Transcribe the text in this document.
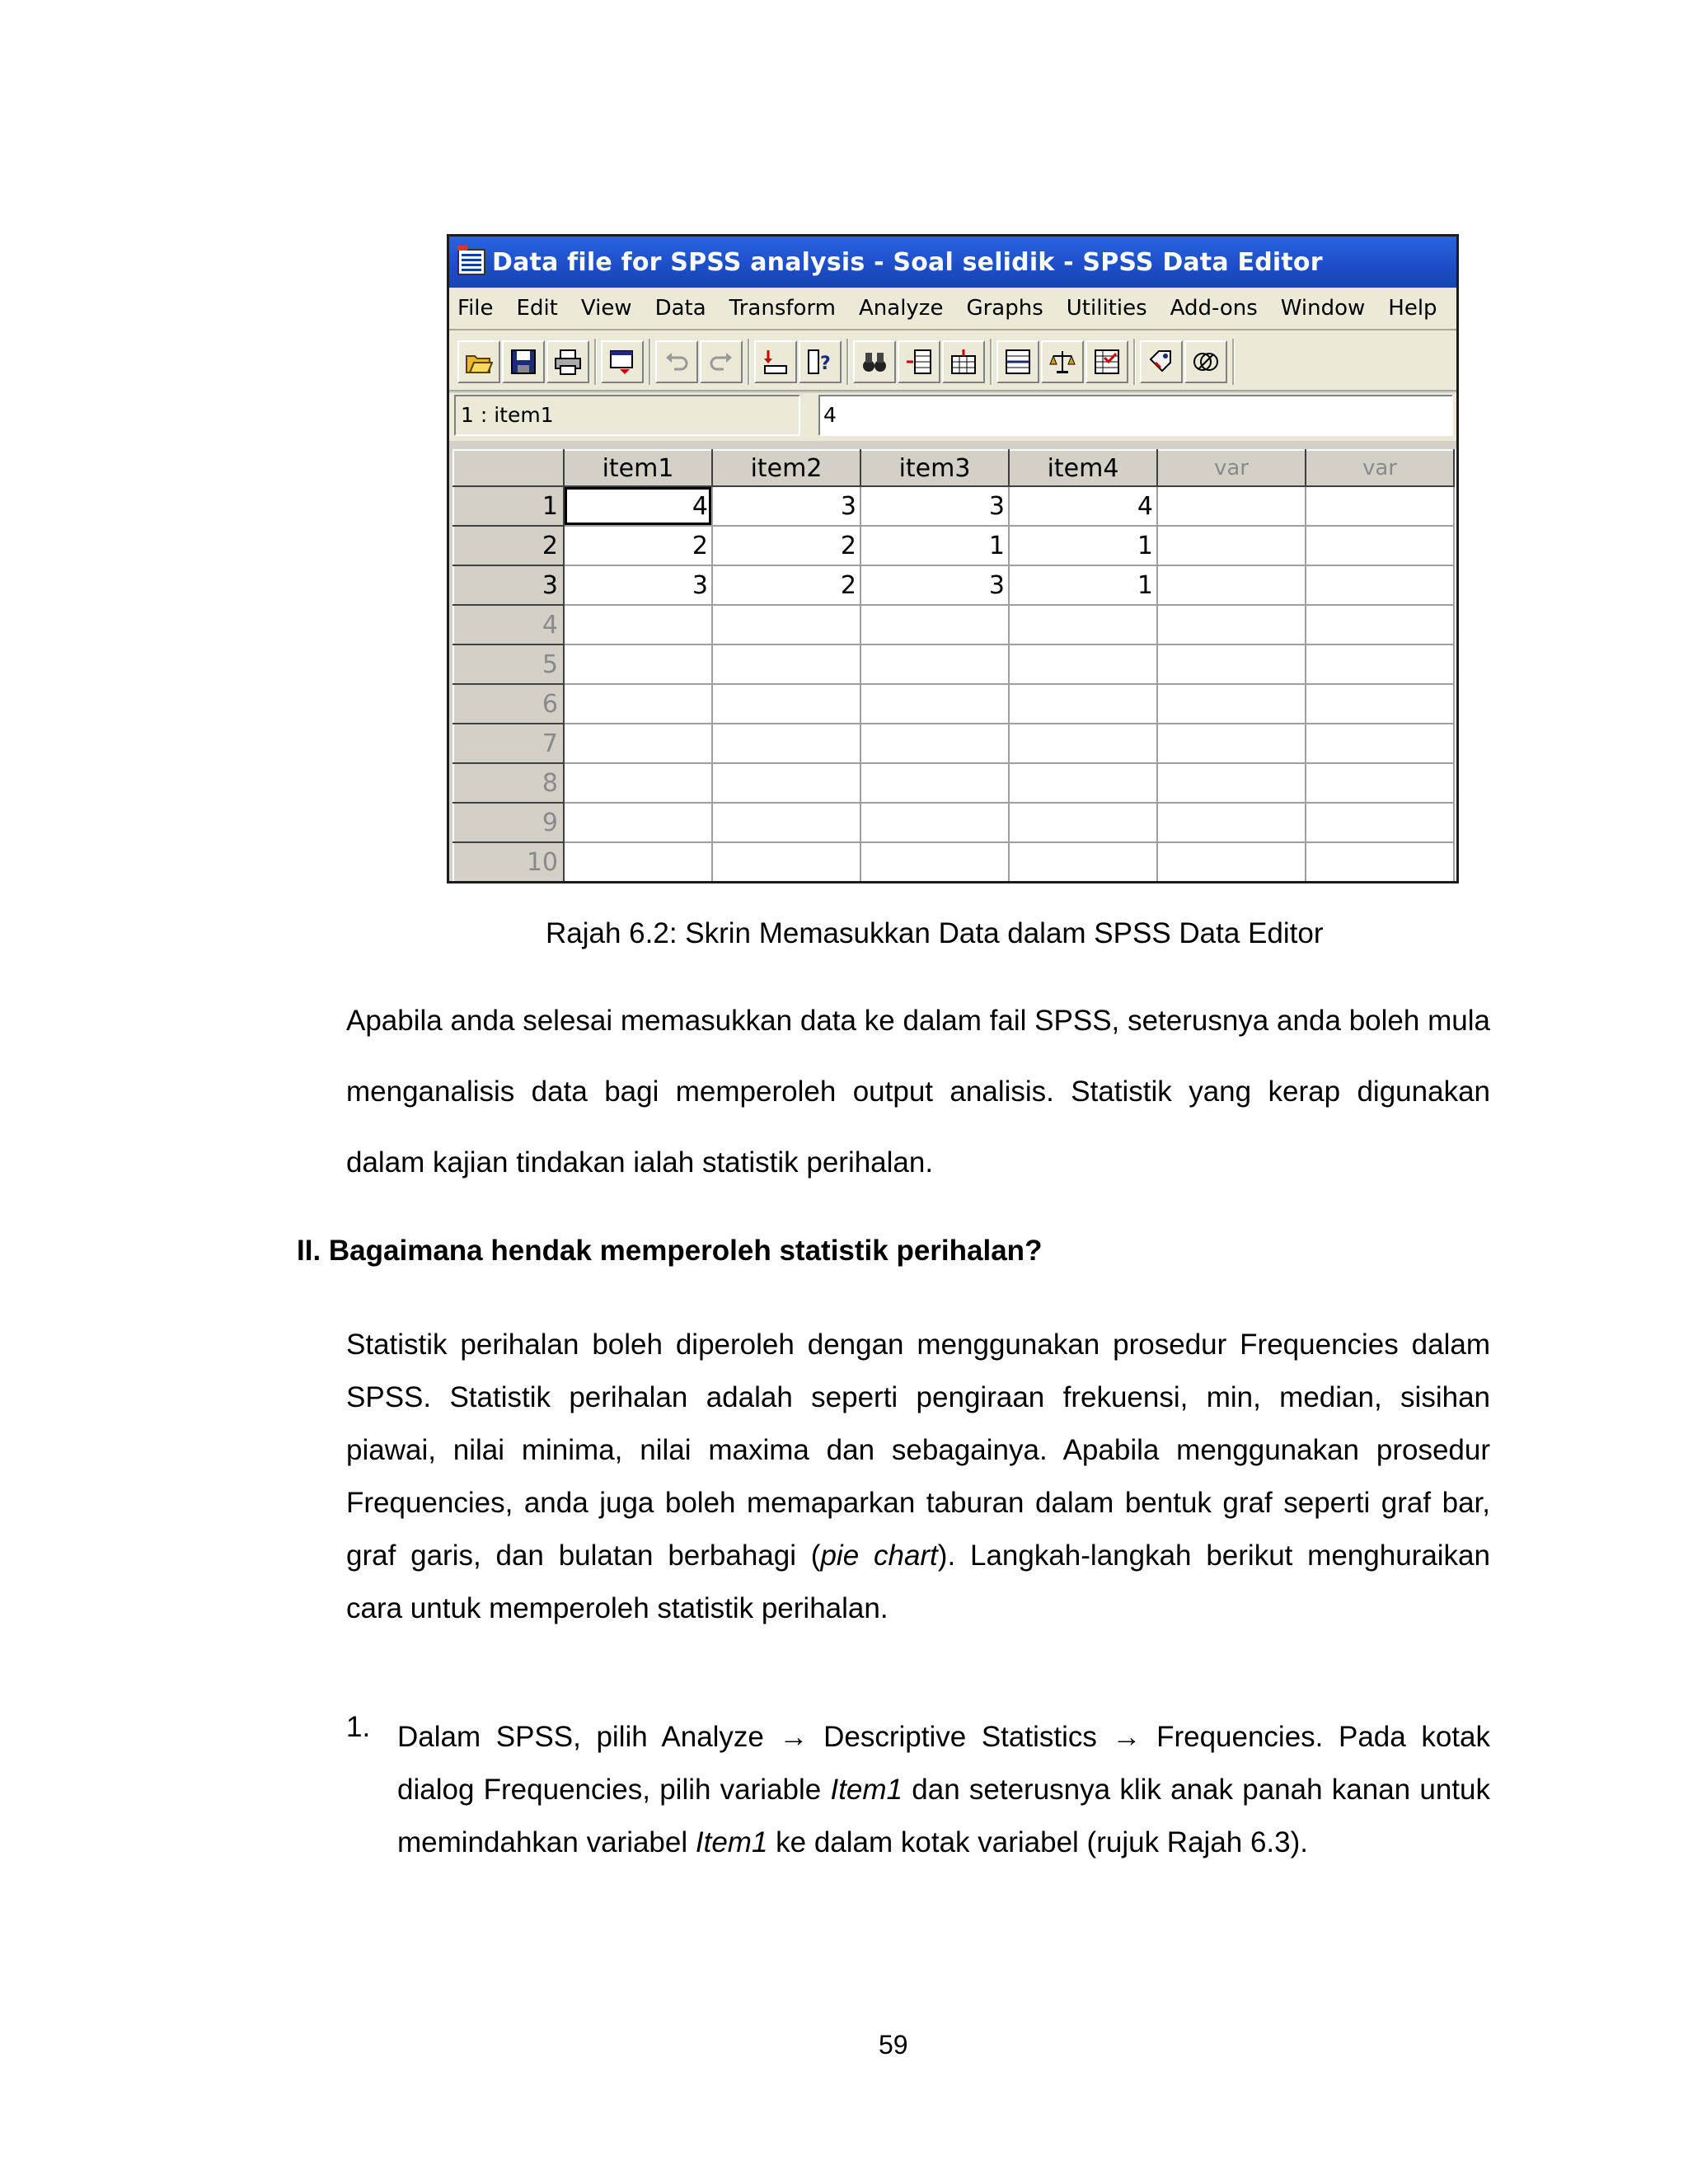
Data file for SPSS analysis - Soal selidik - SPSS Data Editor
File	Edit	View	Data	Transform	Analyze	Graphs	Utilities	Add-ons	Window	Help
?
1 : item1	4
	item1	item2	item3	item4	var	var
1	4	3	3	4		
2	2	2	1	1		
3	3	2	3	1		
4						
5						
6						
7						
8						
9						
10						
Rajah 6.2: Skrin Memasukkan Data dalam SPSS Data Editor

Apabila anda selesai memasukkan data ke dalam fail SPSS, seterusnya anda boleh mula menganalisis data bagi memperoleh output analisis. Statistik yang kerap digunakan dalam kajian tindakan ialah statistik perihalan.

II. Bagaimana hendak memperoleh statistik perihalan?

Statistik perihalan boleh diperoleh dengan menggunakan prosedur Frequencies dalam SPSS. Statistik perihalan adalah seperti pengiraan frekuensi, min, median, sisihan piawai, nilai minima, nilai maxima dan sebagainya. Apabila menggunakan prosedur Frequencies, anda juga boleh memaparkan taburan dalam bentuk graf seperti graf bar, graf garis, dan bulatan berbahagi (pie chart). Langkah-langkah berikut menghuraikan cara untuk memperoleh statistik perihalan.

1. Dalam SPSS, pilih Analyze → Descriptive Statistics → Frequencies. Pada kotak dialog Frequencies, pilih variable Item1 dan seterusnya klik anak panah kanan untuk memindahkan variabel Item1 ke dalam kotak variabel (rujuk Rajah 6.3).

59
